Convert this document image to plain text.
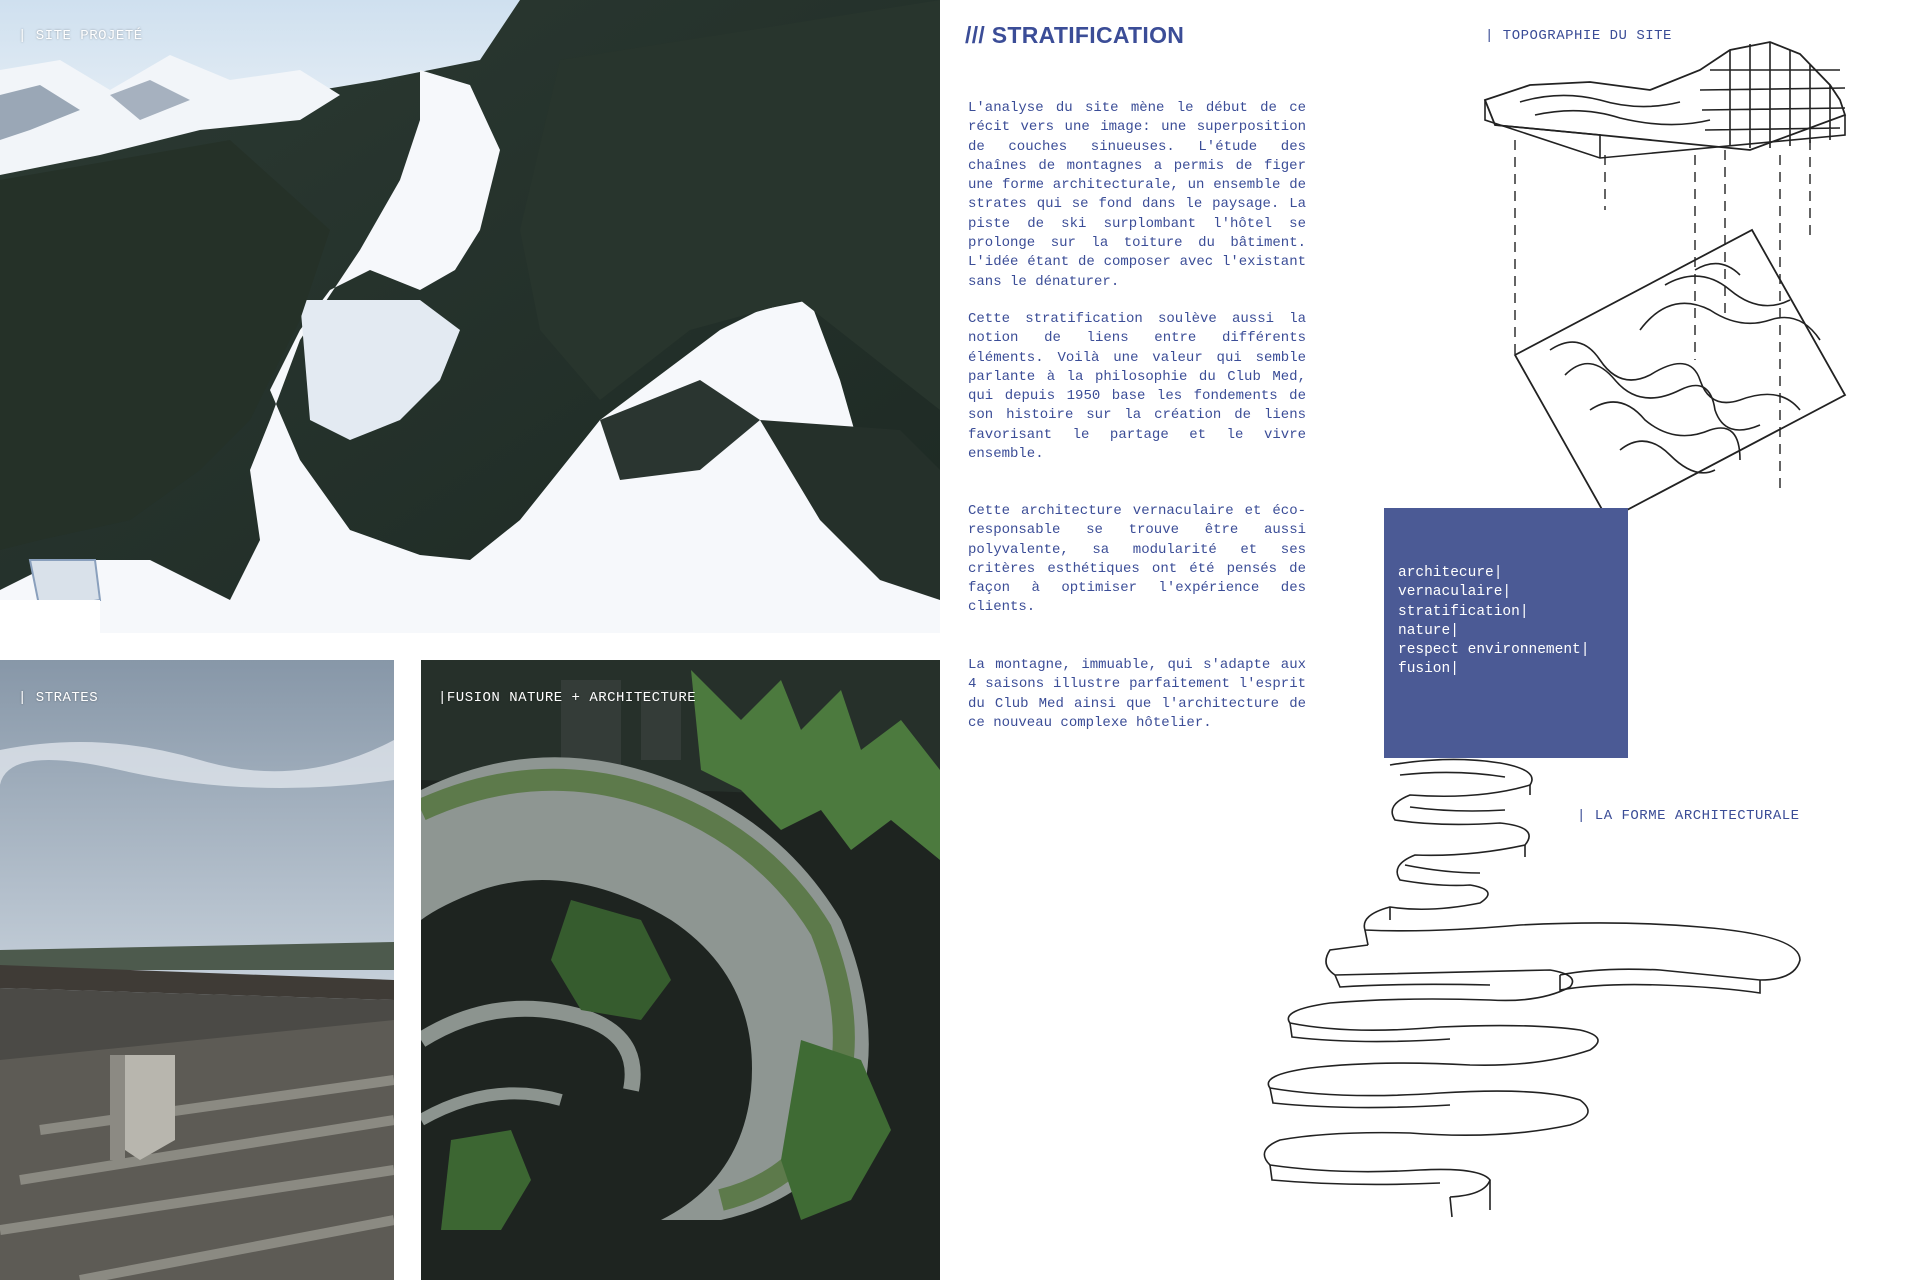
| SITE PROJETÉ
| STRATES	|FUSION NATURE + ARCHITECTURE
/// STRATIFICATION

L'analyse du site mène le début de ce récit vers une image: une superposition de couches sinueuses. L'étude des chaînes de montagnes a permis de figer une forme architecturale, un ensemble de strates qui se fond dans le paysage. La piste de ski surplombant l'hôtel se prolonge sur la toiture du bâtiment. L'idée étant de composer avec l'existant sans le dénaturer.

Cette stratification soulève aussi la notion de liens entre différents éléments. Voilà une valeur qui semble parlante à la philosophie du Club Med, qui depuis 1950 base les fondements de son histoire sur la création de liens favorisant le partage et le vivre ensemble.

Cette architecture vernaculaire et éco-responsable se trouve être aussi polyvalente, sa modularité et ses critères esthétiques ont été pensés de façon à optimiser l'expérience des clients.

La montagne, immuable, qui s'adapte aux 4 saisons illustre parfaitement l'esprit du Club Med ainsi que l'architecture de ce nouveau complexe hôtelier.

| TOPOGRAPHIE DU SITE
architecure|
vernaculaire|
stratification|
nature|
respect environnement|
fusion|
| LA FORME ARCHITECTURALE
